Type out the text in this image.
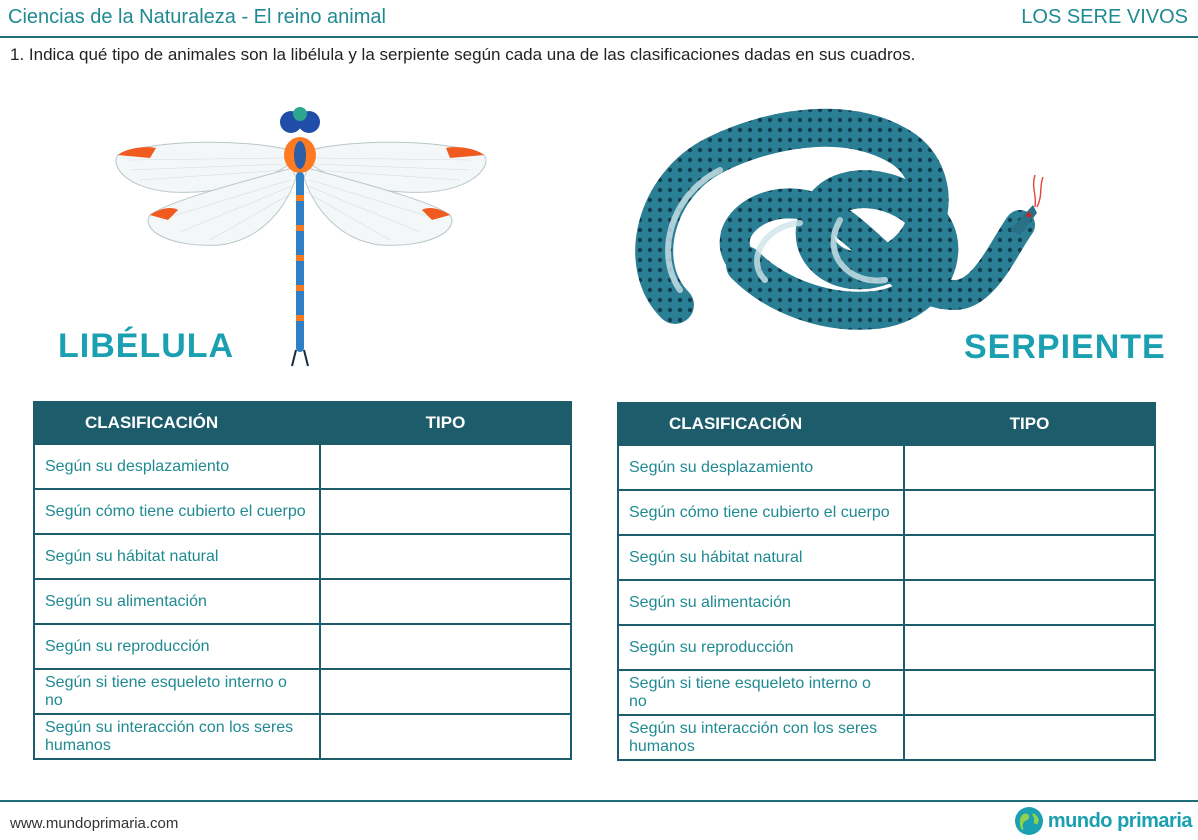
Ciencias de la Naturaleza - El reino animal	LOS SERE VIVOS
1. Indica qué tipo de animales son la libélula y la serpiente según cada una de las clasificaciones dadas en sus cuadros.
LIBÉLULA	SERPIENTE
CLASIFICACIÓN	TIPO
Según su desplazamiento	
Según cómo tiene cubierto el cuerpo	
Según su hábitat natural	
Según su alimentación	
Según su reproducción	
Según si tiene esqueleto interno o no	
Según su interacción con los seres humanos	
CLASIFICACIÓN	TIPO
Según su desplazamiento	
Según cómo tiene cubierto el cuerpo	
Según su hábitat natural	
Según su alimentación	
Según su reproducción	
Según si tiene esqueleto interno o no	
Según su interacción con los seres humanos	
www.mundoprimaria.com	mundo primaria
